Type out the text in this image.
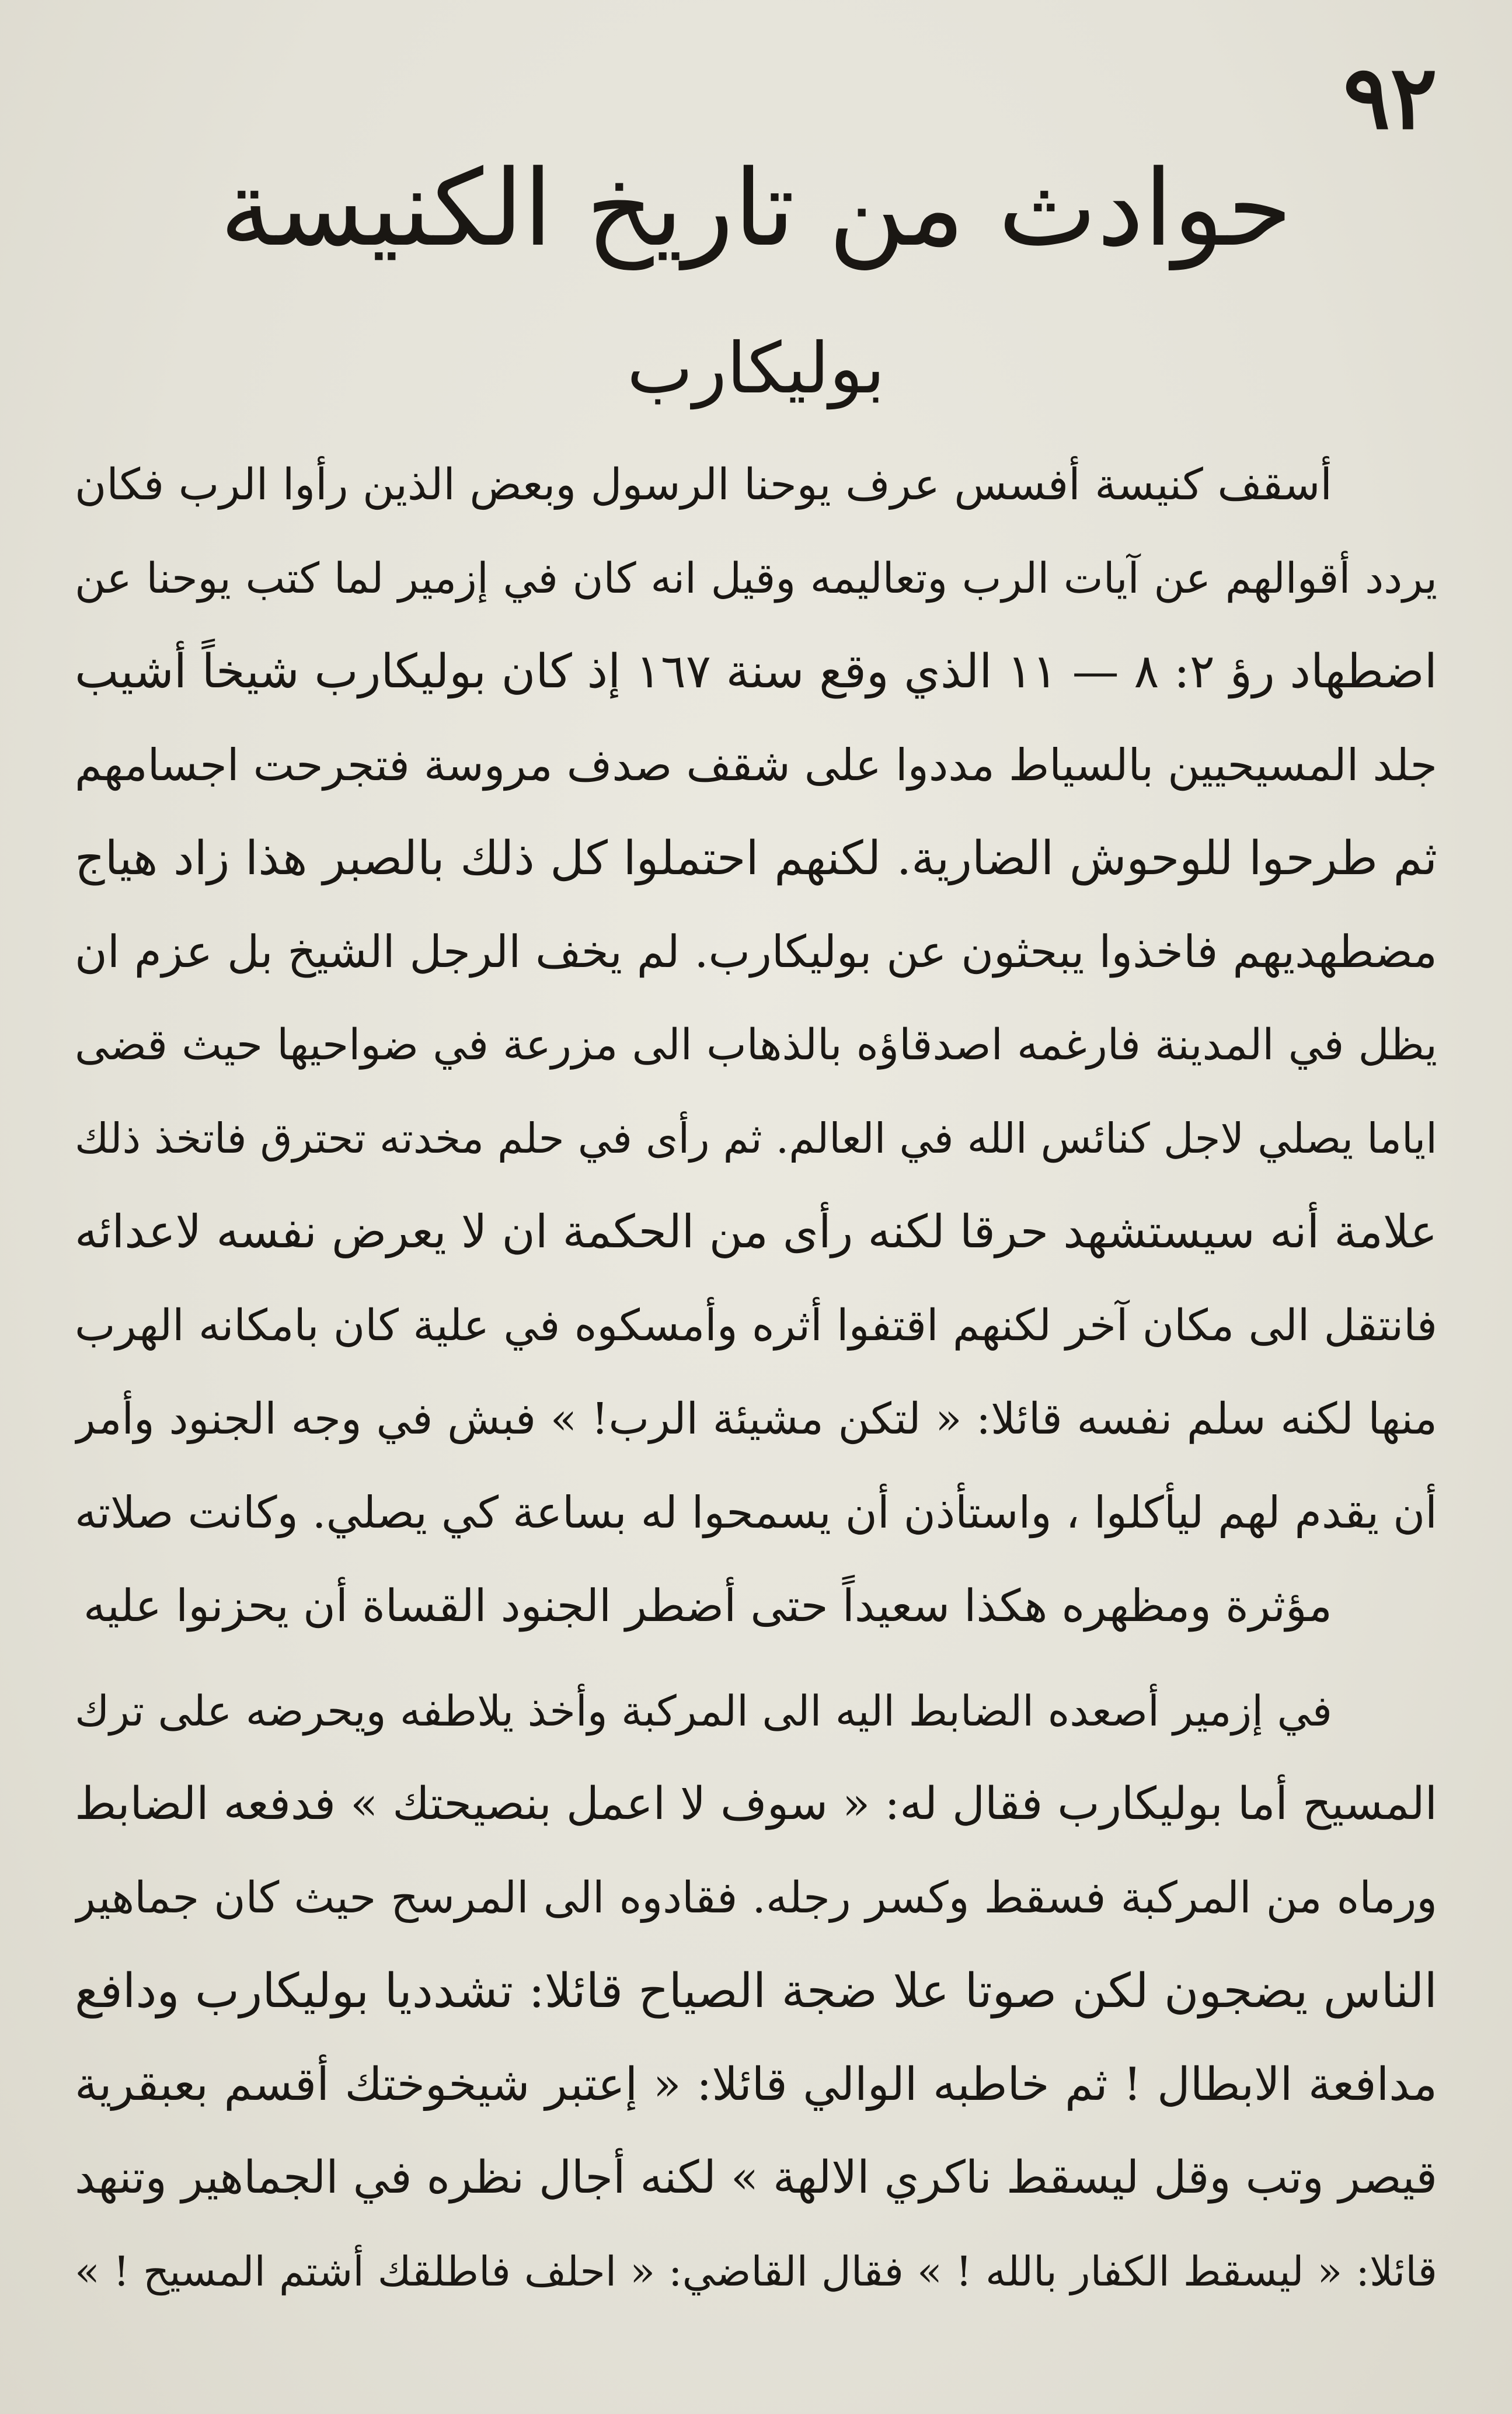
٩٢
حوادث من تاريخ الكنيسة
بوليكارب
أسقف كنيسة أفسس عرف يوحنا الرسول وبعض الذين رأوا الرب فكان
يردد أقوالهم عن آيات الرب وتعاليمه وقيل انه كان في إزمير لما كتب يوحنا عن
اضطهاد رؤ ٢: ٨ — ١١ الذي وقع سنة ١٦٧ إذ كان بوليكارب شيخاً أشيب
جلد المسيحيين بالسياط مددوا على شقف صدف مروسة فتجرحت اجسامهم
ثم طرحوا للوحوش الضارية. لكنهم احتملوا كل ذلك بالصبر هذا زاد هياج
مضطهديهم فاخذوا يبحثون عن بوليكارب. لم يخف الرجل الشيخ بل عزم ان
يظل في المدينة فارغمه اصدقاؤه بالذهاب الى مزرعة في ضواحيها حيث قضى
اياما يصلي لاجل كنائس الله في العالم. ثم رأى في حلم مخدته تحترق فاتخذ ذلك
علامة أنه سيستشهد حرقا لكنه رأى من الحكمة ان لا يعرض نفسه لاعدائه
فانتقل الى مكان آخر لكنهم اقتفوا أثره وأمسكوه في علية كان بامكانه الهرب
منها لكنه سلم نفسه قائلا: « لتكن مشيئة الرب! » فبش في وجه الجنود وأمر
أن يقدم لهم ليأكلوا ، واستأذن أن يسمحوا له بساعة كي يصلي. وكانت صلاته
مؤثرة ومظهره هكذا سعيداً حتى أضطر الجنود القساة أن يحزنوا عليه
في إزمير أصعده الضابط اليه الى المركبة وأخذ يلاطفه ويحرضه على ترك
المسيح أما بوليكارب فقال له: « سوف لا اعمل بنصيحتك » فدفعه الضابط
ورماه من المركبة فسقط وكسر رجله. فقادوه الى المرسح حيث كان جماهير
الناس يضجون لكن صوتا علا ضجة الصياح قائلا: تشدديا بوليكارب ودافع
مدافعة الابطال ! ثم خاطبه الوالي قائلا: « إعتبر شيخوختك أقسم بعبقرية
قيصر وتب وقل ليسقط ناكري الالهة » لكنه أجال نظره في الجماهير وتنهد
قائلا: « ليسقط الكفار بالله ! » فقال القاضي: « احلف فاطلقك أشتم المسيح ! »
